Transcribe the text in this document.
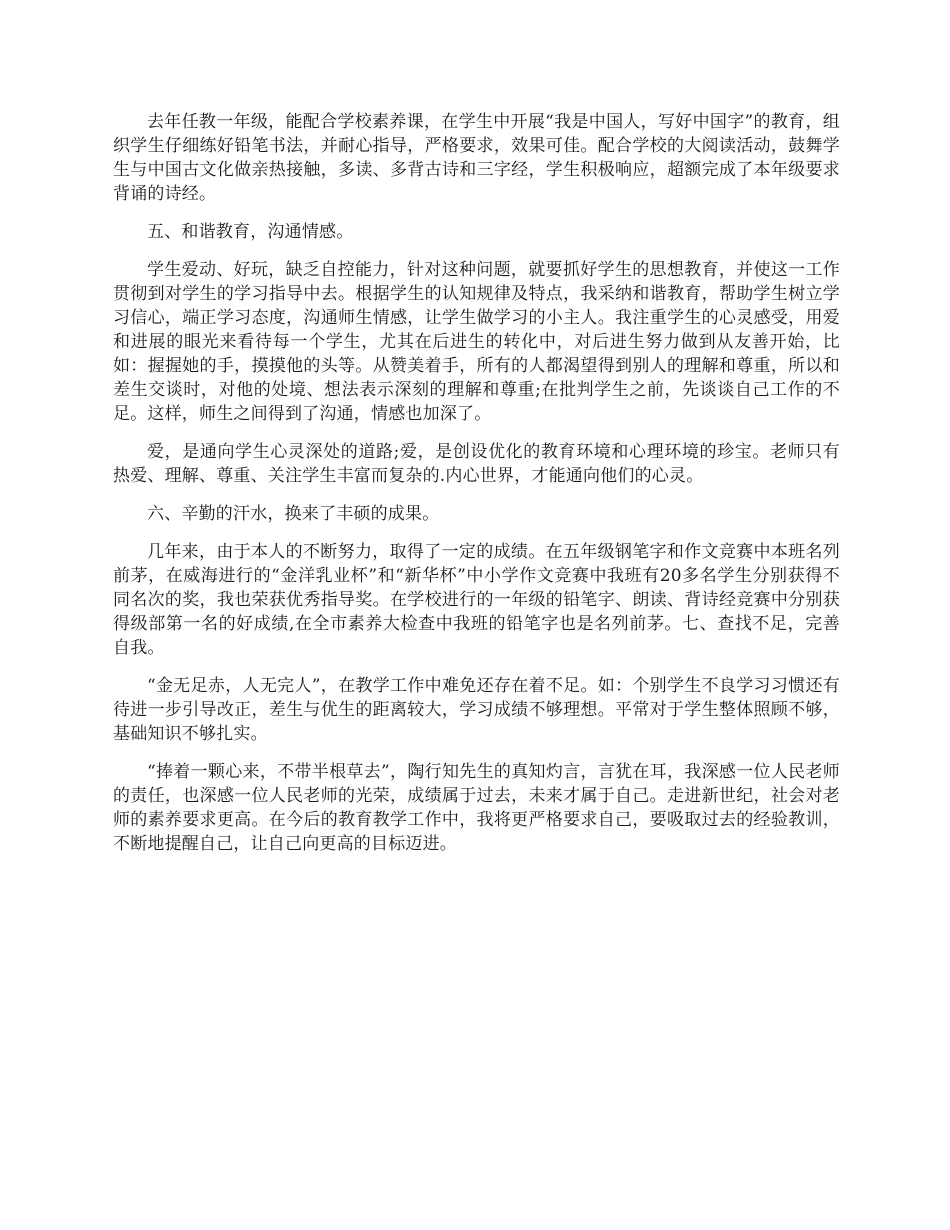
去年任教一年级，能配合学校素养课，在学生中开展“我是中国人，写好中国字”的教育，组织学生仔细练好铅笔书法，并耐心指导，严格要求，效果可佳。配合学校的大阅读活动，鼓舞学生与中国古文化做亲热接触，多读、多背古诗和三字经，学生积极响应，超额完成了本年级要求背诵的诗经。

五、和谐教育，沟通情感。

学生爱动、好玩，缺乏自控能力，针对这种问题，就要抓好学生的思想教育，并使这一工作贯彻到对学生的学习指导中去。根据学生的认知规律及特点，我采纳和谐教育，帮助学生树立学习信心，端正学习态度，沟通师生情感，让学生做学习的小主人。我注重学生的心灵感受，用爱和进展的眼光来看待每一个学生，尤其在后进生的转化中，对后进生努力做到从友善开始，比如：握握她的手，摸摸他的头等。从赞美着手，所有的人都渴望得到别人的理解和尊重，所以和差生交谈时，对他的处境、想法表示深刻的理解和尊重;在批判学生之前，先谈谈自己工作的不足。这样，师生之间得到了沟通，情感也加深了。

爱，是通向学生心灵深处的道路;爱，是创设优化的教育环境和心理环境的珍宝。老师只有热爱、理解、尊重、关注学生丰富而复杂的.内心世界，才能通向他们的心灵。

六、辛勤的汗水，换来了丰硕的成果。

几年来，由于本人的不断努力，取得了一定的成绩。在五年级钢笔字和作文竞赛中本班名列前茅，在威海进行的“金洋乳业杯”和“新华杯”中小学作文竞赛中我班有20多名学生分别获得不同名次的奖，我也荣获优秀指导奖。在学校进行的一年级的铅笔字、朗读、背诗经竞赛中分别获得级部第一名的好成绩,在全市素养大检查中我班的铅笔字也是名列前茅。七、查找不足，完善自我。

“金无足赤，人无完人”，在教学工作中难免还存在着不足。如：个别学生不良学习习惯还有待进一步引导改正，差生与优生的距离较大，学习成绩不够理想。平常对于学生整体照顾不够，基础知识不够扎实。

“捧着一颗心来，不带半根草去”，陶行知先生的真知灼言，言犹在耳，我深感一位人民老师的责任，也深感一位人民老师的光荣，成绩属于过去，未来才属于自己。走进新世纪，社会对老师的素养要求更高。在今后的教育教学工作中，我将更严格要求自己，要吸取过去的经验教训，不断地提醒自己，让自己向更高的目标迈进。
